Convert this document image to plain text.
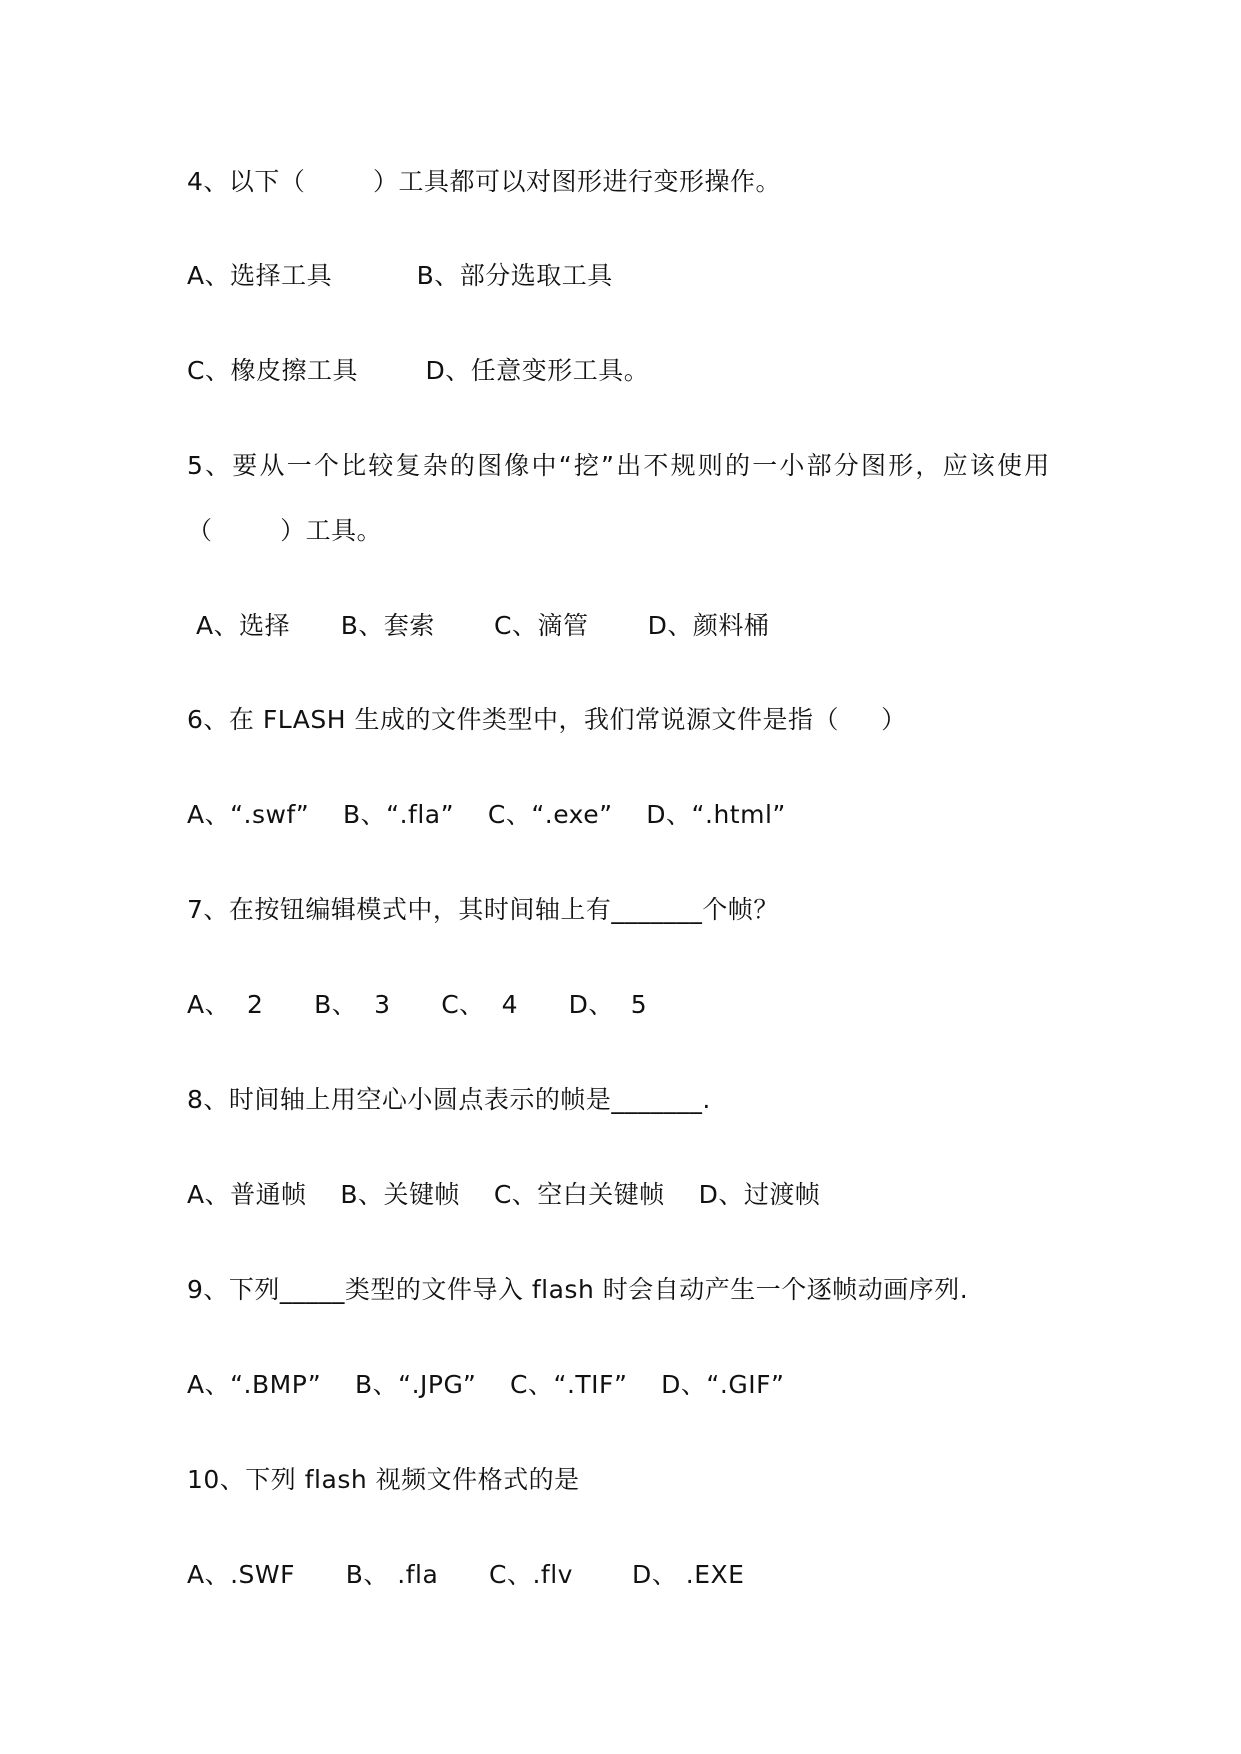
4、以下（        ）工具都可以对图形进行变形操作。
A、选择工具          B、部分选取工具
C、橡皮擦工具        D、任意变形工具。
5、要从一个比较复杂的图像中“挖”出不规则的一小部分图形，应该使用
（        ）工具。
A、选择      B、套索       C、滴管       D、颜料桶
6、在 FLASH 生成的文件类型中，我们常说源文件是指（     ）
A、“.swf”    B、“.fla”    C、“.exe”    D、“.html”
7、在按钮编辑模式中，其时间轴上有_______个帧？
A、  2      B、  3      C、  4      D、  5
8、时间轴上用空心小圆点表示的帧是_______.
A、普通帧    B、关键帧    C、空白关键帧    D、过渡帧
9、下列_____类型的文件导入 flash 时会自动产生一个逐帧动画序列.
A、“.BMP”    B、“.JPG”    C、“.TIF”    D、“.GIF”
10、下列 flash 视频文件格式的是
A、.SWF      B、 .fla      C、.flv       D、 .EXE
